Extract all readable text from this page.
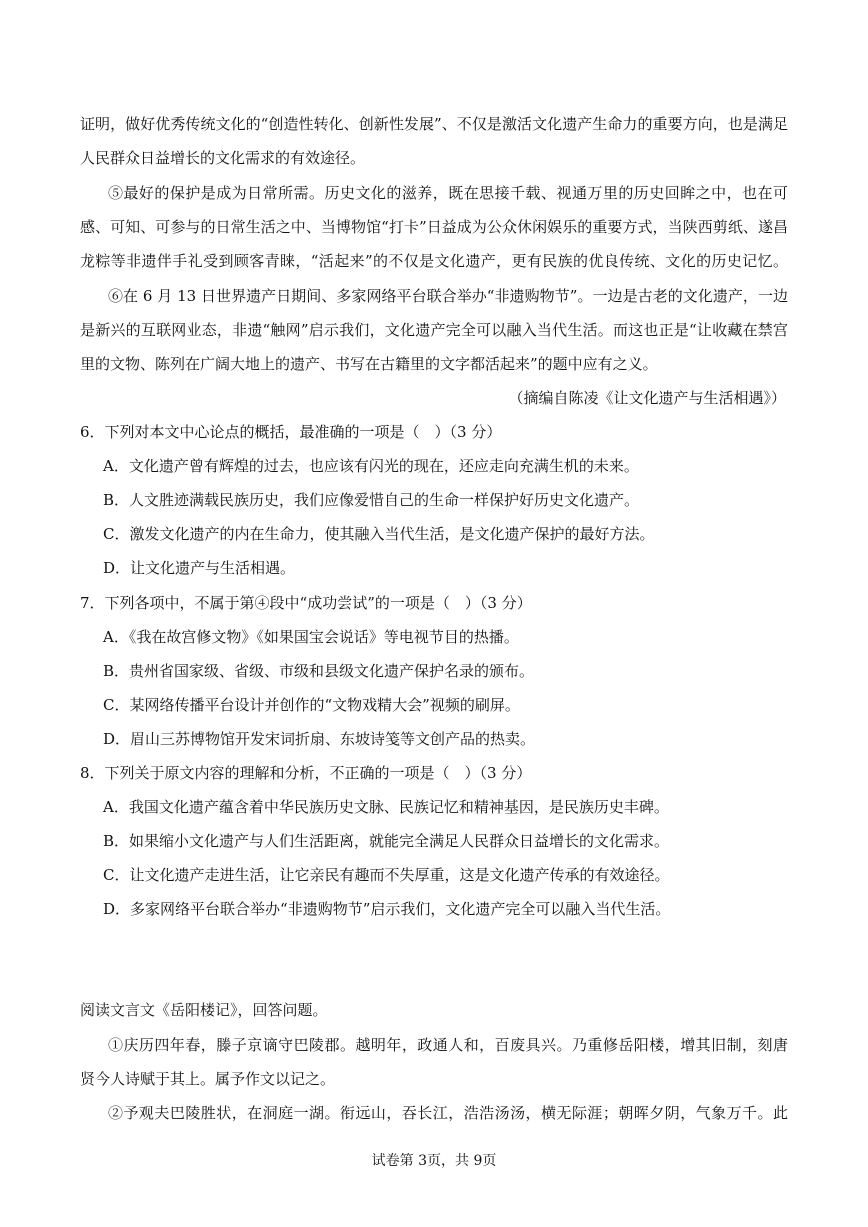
证明，做好优秀传统文化的“创造性转化、创新性发展”、不仅是激活文化遗产生命力的重要方向，也是满足
人民群众日益增长的文化需求的有效途径。
⑤最好的保护是成为日常所需。历史文化的滋养，既在思接千载、视通万里的历史回眸之中，也在可
感、可知、可参与的日常生活之中、当博物馆“打卡”日益成为公众休闲娱乐的重要方式，当陕西剪纸、遂昌
龙粽等非遗伴手礼受到顾客青睐，“活起来”的不仅是文化遗产，更有民族的优良传统、文化的历史记忆。
⑥在 6 月 13 日世界遗产日期间、多家网络平台联合举办“非遗购物节”。一边是古老的文化遗产，一边
是新兴的互联网业态，非遗“触网”启示我们，文化遗产完全可以融入当代生活。而这也正是“让收藏在禁宫
里的文物、陈列在广阔大地上的遗产、书写在古籍里的文字都活起来”的题中应有之义。
（摘编自陈凌《让文化遗产与生活相遇》）
6．下列对本文中心论点的概括，最准确的一项是（　）（3 分）
A．文化遗产曾有辉煌的过去，也应该有闪光的现在，还应走向充满生机的未来。
B．人文胜迹满载民族历史，我们应像爱惜自己的生命一样保护好历史文化遗产。
C．激发文化遗产的内在生命力，使其融入当代生活，是文化遗产保护的最好方法。
D．让文化遗产与生活相遇。
7．下列各项中，不属于第④段中“成功尝试”的一项是（　）（3 分）
A．《我在故宫修文物》《如果国宝会说话》等电视节目的热播。
B．贵州省国家级、省级、市级和县级文化遗产保护名录的颁布。
C．某网络传播平台设计并创作的“文物戏精大会”视频的刷屏。
D．眉山三苏博物馆开发宋词折扇、东坡诗笺等文创产品的热卖。
8．下列关于原文内容的理解和分析，不正确的一项是（　）（3 分）
A．我国文化遗产蕴含着中华民族历史文脉、民族记忆和精神基因，是民族历史丰碑。
B．如果缩小文化遗产与人们生活距离，就能完全满足人民群众日益增长的文化需求。
C．让文化遗产走进生活，让它亲民有趣而不失厚重，这是文化遗产传承的有效途径。
D．多家网络平台联合举办“非遗购物节”启示我们，文化遗产完全可以融入当代生活。
阅读文言文《岳阳楼记》，回答问题。
①庆历四年春，滕子京谪守巴陵郡。越明年，政通人和，百废具兴。乃重修岳阳楼，增其旧制，刻唐
贤今人诗赋于其上。属予作文以记之。
②予观夫巴陵胜状，在洞庭一湖。衔远山，吞长江，浩浩汤汤，横无际涯；朝晖夕阴，气象万千。此
试卷第 3页，共 9页
